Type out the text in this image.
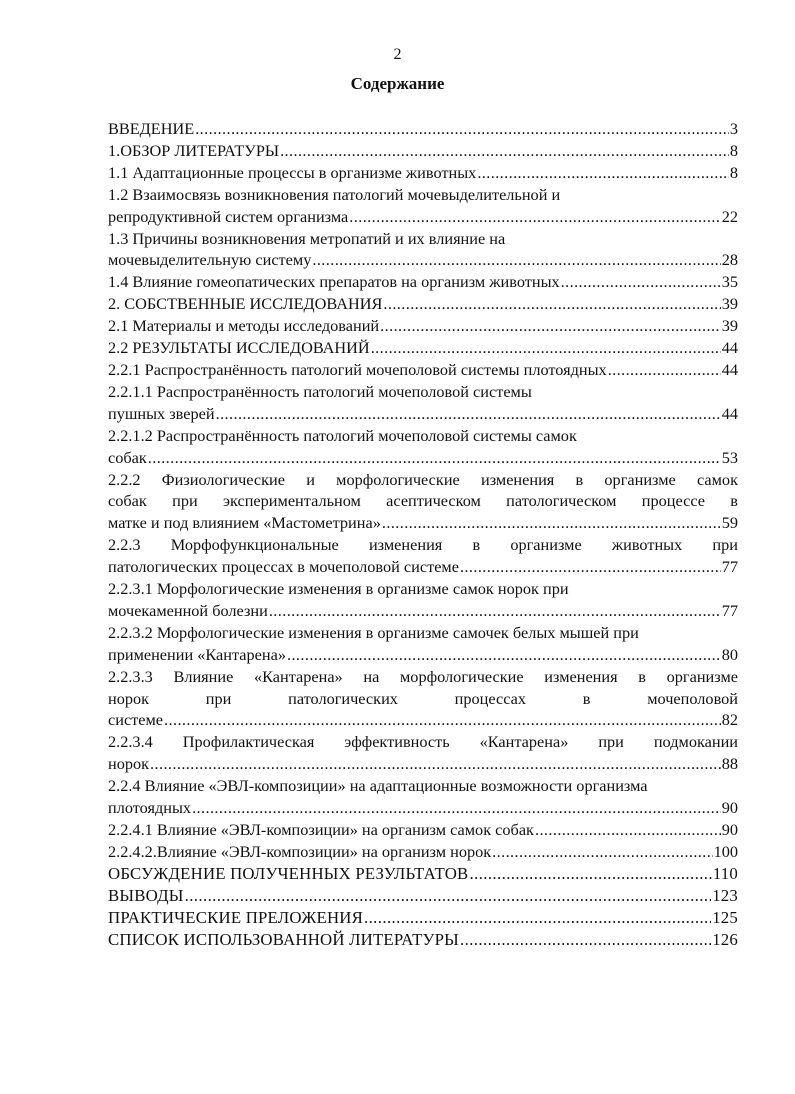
2
Содержание
ВВЕДЕНИЕ .....	3
1.ОБЗОР ЛИТЕРАТУРЫ .....	8
1.1 Адаптационные процессы в организме животных .....	8
1.2 Взаимосвязь возникновения патологий мочевыделительной и
репродуктивной систем организма .....	22
1.3 Причины возникновения метропатий и их влияние на
мочевыделительную систему .....	28
1.4 Влияние гомеопатических препаратов на организм животных .....	35
2. СОБСТВЕННЫЕ ИССЛЕДОВАНИЯ .....	39
2.1 Материалы и методы исследований .....	39
2.2 РЕЗУЛЬТАТЫ ИССЛЕДОВАНИЙ .....	44
2.2.1 Распространённость патологий мочеполовой системы плотоядных .....	44
2.2.1.1 Распространённость патологий мочеполовой системы
пушных зверей .....	44
2.2.1.2 Распространённость патологий мочеполовой системы самок
собак .....	53
2.2.2 Физиологические и морфологические изменения в организме самок
собак при экспериментальном асептическом патологическом процессе в
матке и под влиянием «Мастометрина» .....	59
2.2.3 Морфофункциональные изменения в организме животных при
патологических процессах в мочеполовой системе .....	77
2.2.3.1 Морфологические изменения в организме самок норок при
мочекаменной болезни .....	77
2.2.3.2 Морфологические изменения в организме самочек белых мышей при
применении «Кантарена» .....	80
2.2.3.3 Влияние «Кантарена» на морфологические изменения в организме
норок при патологических процессах в мочеполовой
системе .....	82
2.2.3.4 Профилактическая эффективность «Кантарена» при подмокании
норок .....	88
2.2.4 Влияние «ЭВЛ-композиции» на адаптационные возможности организма
плотоядных .....	90
2.2.4.1 Влияние «ЭВЛ-композиции» на организм самок собак .....	90
2.2.4.2.Влияние «ЭВЛ-композиции» на организм норок .....	100
ОБСУЖДЕНИЕ ПОЛУЧЕННЫХ РЕЗУЛЬТАТОВ .....	110
ВЫВОДЫ .....	123
ПРАКТИЧЕСКИЕ ПРЕЛОЖЕНИЯ .....	125
СПИСОК ИСПОЛЬЗОВАННОЙ ЛИТЕРАТУРЫ .....	126
